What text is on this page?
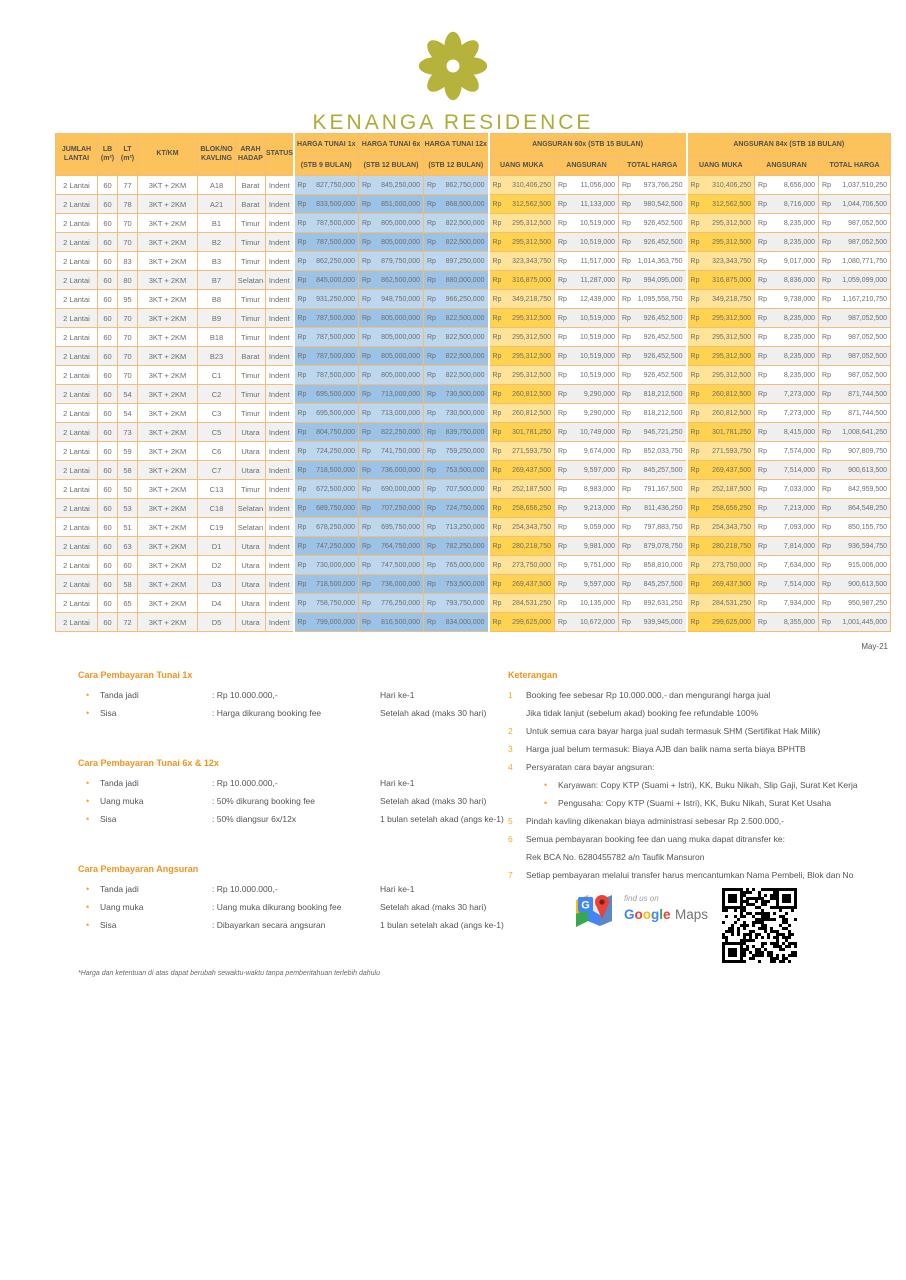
KENANGA RESIDENCE
JUMLAH
LANTAI

LB
(m²)

LT
(m²)
	KT/KM	
BLOK/NO
KAVLING

ARAH
HADAP
	STATUS	HARGA TUNAI 1x	HARGA TUNAI 6x	HARGA TUNAI 12x	ANGSURAN 60x (STB 15 BULAN)	ANGSURAN 84x (STB 18 BULAN)
							(STB 9 BULAN)	(STB 12 BULAN)	(STB 12 BULAN)	UANG MUKA	ANGSURAN	TOTAL HARGA	UANG MUKA	ANGSURAN	TOTAL HARGA
2 Lantai	60	77	3KT + 2KM	A18	Barat	Indent	Rp 827,750,000	Rp 845,250,000	Rp 862,750,000	Rp 310,406,250	Rp 11,056,000	Rp 973,766,250	Rp 310,406,250	Rp 8,656,000	Rp 1,037,510,250

2 Lantai	60	78	3KT + 2KM	A21	Barat	Indent	Rp 833,500,000	Rp 851,000,000	Rp 868,500,000	Rp 312,562,500	Rp 11,133,000	Rp 980,542,500	Rp 312,562,500	Rp 8,716,000	Rp 1,044,706,500

2 Lantai	60	70	3KT + 2KM	B1	Timur	Indent	Rp 787,500,000	Rp 805,000,000	Rp 822,500,000	Rp 295,312,500	Rp 10,519,000	Rp 926,452,500	Rp 295,312,500	Rp 8,235,000	Rp 987,052,500

2 Lantai	60	70	3KT + 2KM	B2	Timur	Indent	Rp 787,500,000	Rp 805,000,000	Rp 822,500,000	Rp 295,312,500	Rp 10,519,000	Rp 926,452,500	Rp 295,312,500	Rp 8,235,000	Rp 987,052,500

2 Lantai	60	83	3KT + 2KM	B3	Timur	Indent	Rp 862,250,000	Rp 879,750,000	Rp 897,250,000	Rp 323,343,750	Rp 11,517,000	Rp 1,014,363,750	Rp 323,343,750	Rp 9,017,000	Rp 1,080,771,750

2 Lantai	60	80	3KT + 2KM	B7	Selatan	Indent	Rp 845,000,000	Rp 862,500,000	Rp 880,000,000	Rp 316,875,000	Rp 11,287,000	Rp 994,095,000	Rp 316,875,000	Rp 8,836,000	Rp 1,059,099,000

2 Lantai	60	95	3KT + 2KM	B8	Timur	Indent	Rp 931,250,000	Rp 948,750,000	Rp 966,250,000	Rp 349,218,750	Rp 12,439,000	Rp 1,095,558,750	Rp 349,218,750	Rp 9,738,000	Rp 1,167,210,750

2 Lantai	60	70	3KT + 2KM	B9	Timur	Indent	Rp 787,500,000	Rp 805,000,000	Rp 822,500,000	Rp 295,312,500	Rp 10,519,000	Rp 926,452,500	Rp 295,312,500	Rp 8,235,000	Rp 987,052,500

2 Lantai	60	70	3KT + 2KM	B18	Timur	Indent	Rp 787,500,000	Rp 805,000,000	Rp 822,500,000	Rp 295,312,500	Rp 10,519,000	Rp 926,452,500	Rp 295,312,500	Rp 8,235,000	Rp 987,052,500

2 Lantai	60	70	3KT + 2KM	B23	Barat	Indent	Rp 787,500,000	Rp 805,000,000	Rp 822,500,000	Rp 295,312,500	Rp 10,519,000	Rp 926,452,500	Rp 295,312,500	Rp 8,235,000	Rp 987,052,500

2 Lantai	60	70	3KT + 2KM	C1	Timur	Indent	Rp 787,500,000	Rp 805,000,000	Rp 822,500,000	Rp 295,312,500	Rp 10,519,000	Rp 926,452,500	Rp 295,312,500	Rp 8,235,000	Rp 987,052,500

2 Lantai	60	54	3KT + 2KM	C2	Timur	Indent	Rp 695,500,000	Rp 713,000,000	Rp 730,500,000	Rp 260,812,500	Rp 9,290,000	Rp 818,212,500	Rp 260,812,500	Rp 7,273,000	Rp 871,744,500

2 Lantai	60	54	3KT + 2KM	C3	Timur	Indent	Rp 695,500,000	Rp 713,000,000	Rp 730,500,000	Rp 260,812,500	Rp 9,290,000	Rp 818,212,500	Rp 260,812,500	Rp 7,273,000	Rp 871,744,500

2 Lantai	60	73	3KT + 2KM	C5	Utara	Indent	Rp 804,750,000	Rp 822,250,000	Rp 839,750,000	Rp 301,781,250	Rp 10,749,000	Rp 946,721,250	Rp 301,781,250	Rp 8,415,000	Rp 1,008,641,250

2 Lantai	60	59	3KT + 2KM	C6	Utara	Indent	Rp 724,250,000	Rp 741,750,000	Rp 759,250,000	Rp 271,593,750	Rp 9,674,000	Rp 852,033,750	Rp 271,593,750	Rp 7,574,000	Rp 907,809,750

2 Lantai	60	58	3KT + 2KM	C7	Utara	Indent	Rp 718,500,000	Rp 736,000,000	Rp 753,500,000	Rp 269,437,500	Rp 9,597,000	Rp 845,257,500	Rp 269,437,500	Rp 7,514,000	Rp 900,613,500

2 Lantai	60	50	3KT + 2KM	C13	Timur	Indent	Rp 672,500,000	Rp 690,000,000	Rp 707,500,000	Rp 252,187,500	Rp 8,983,000	Rp 791,167,500	Rp 252,187,500	Rp 7,033,000	Rp 842,959,500

2 Lantai	60	53	3KT + 2KM	C18	Selatan	Indent	Rp 689,750,000	Rp 707,250,000	Rp 724,750,000	Rp 258,656,250	Rp 9,213,000	Rp 811,436,250	Rp 258,656,250	Rp 7,213,000	Rp 864,548,250

2 Lantai	60	51	3KT + 2KM	C19	Selatan	Indent	Rp 678,250,000	Rp 695,750,000	Rp 713,250,000	Rp 254,343,750	Rp 9,059,000	Rp 797,883,750	Rp 254,343,750	Rp 7,093,000	Rp 850,155,750

2 Lantai	60	63	3KT + 2KM	D1	Utara	Indent	Rp 747,250,000	Rp 764,750,000	Rp 782,250,000	Rp 280,218,750	Rp 9,981,000	Rp 879,078,750	Rp 280,218,750	Rp 7,814,000	Rp 936,594,750

2 Lantai	60	60	3KT + 2KM	D2	Utara	Indent	Rp 730,000,000	Rp 747,500,000	Rp 765,000,000	Rp 273,750,000	Rp 9,751,000	Rp 858,810,000	Rp 273,750,000	Rp 7,634,000	Rp 915,006,000

2 Lantai	60	58	3KT + 2KM	D3	Utara	Indent	Rp 718,500,000	Rp 736,000,000	Rp 753,500,000	Rp 269,437,500	Rp 9,597,000	Rp 845,257,500	Rp 269,437,500	Rp 7,514,000	Rp 900,613,500

2 Lantai	60	65	3KT + 2KM	D4	Utara	Indent	Rp 758,750,000	Rp 776,250,000	Rp 793,750,000	Rp 284,531,250	Rp 10,135,000	Rp 892,631,250	Rp 284,531,250	Rp 7,934,000	Rp 950,987,250

2 Lantai	60	72	3KT + 2KM	D5	Utara	Indent	Rp 799,000,000	Rp 816,500,000	Rp 834,000,000	Rp 299,625,000	Rp 10,672,000	Rp 939,945,000	Rp 299,625,000	Rp 8,355,000	Rp 1,001,445,000
May-21
Cara Pembayaran Tunai 1x
•	Tanda jadi	: Rp 10.000.000,-	Hari ke-1
•	Sisa	: Harga dikurang booking fee	Setelah akad (maks 30 hari)
Cara Pembayaran Tunai 6x & 12x
•	Tanda jadi	: Rp 10.000.000,-	Hari ke-1
•	Uang muka	: 50% dikurang booking fee	Setelah akad (maks 30 hari)
•	Sisa	: 50% diangsur 6x/12x	1 bulan setelah akad (angs ke-1)
Cara Pembayaran Angsuran
•	Tanda jadi	: Rp 10.000.000,-	Hari ke-1
•	Uang muka	: Uang muka dikurang booking fee	Setelah akad (maks 30 hari)
•	Sisa	: Dibayarkan secara angsuran	1 bulan setelah akad (angs ke-1)
*Harga dan ketentuan di atas dapat berubah sewaktu-waktu tanpa pemberitahuan terlebih dahulu
Keterangan
1	Booking fee sebesar Rp 10.000.000,- dan mengurangi harga jual
Jika tidak lanjut (sebelum akad) booking fee refundable 100%
2	Untuk semua cara bayar harga jual sudah termasuk SHM (Sertifikat Hak Milik)
3	Harga jual belum termasuk: Biaya AJB dan balik nama serta biaya BPHTB
4	Persyaratan cara bayar angsuran:
•	Karyawan: Copy KTP (Suami + Istri), KK, Buku Nikah, Slip Gaji, Surat Ket Kerja
•	Pengusaha: Copy KTP (Suami + Istri), KK, Buku Nikah, Surat Ket Usaha
5	Pindah kavling dikenakan biaya administrasi sebesar Rp 2.500.000,-
6	Semua pembayaran booking fee dan uang muka dapat ditransfer ke:
Rek BCA No. 6280455782 a/n Taufik Mansuron
7	Setiap pembayaran melalui transfer harus mencantumkan Nama Pembeli, Blok dan No
G
find us on
Google Maps
